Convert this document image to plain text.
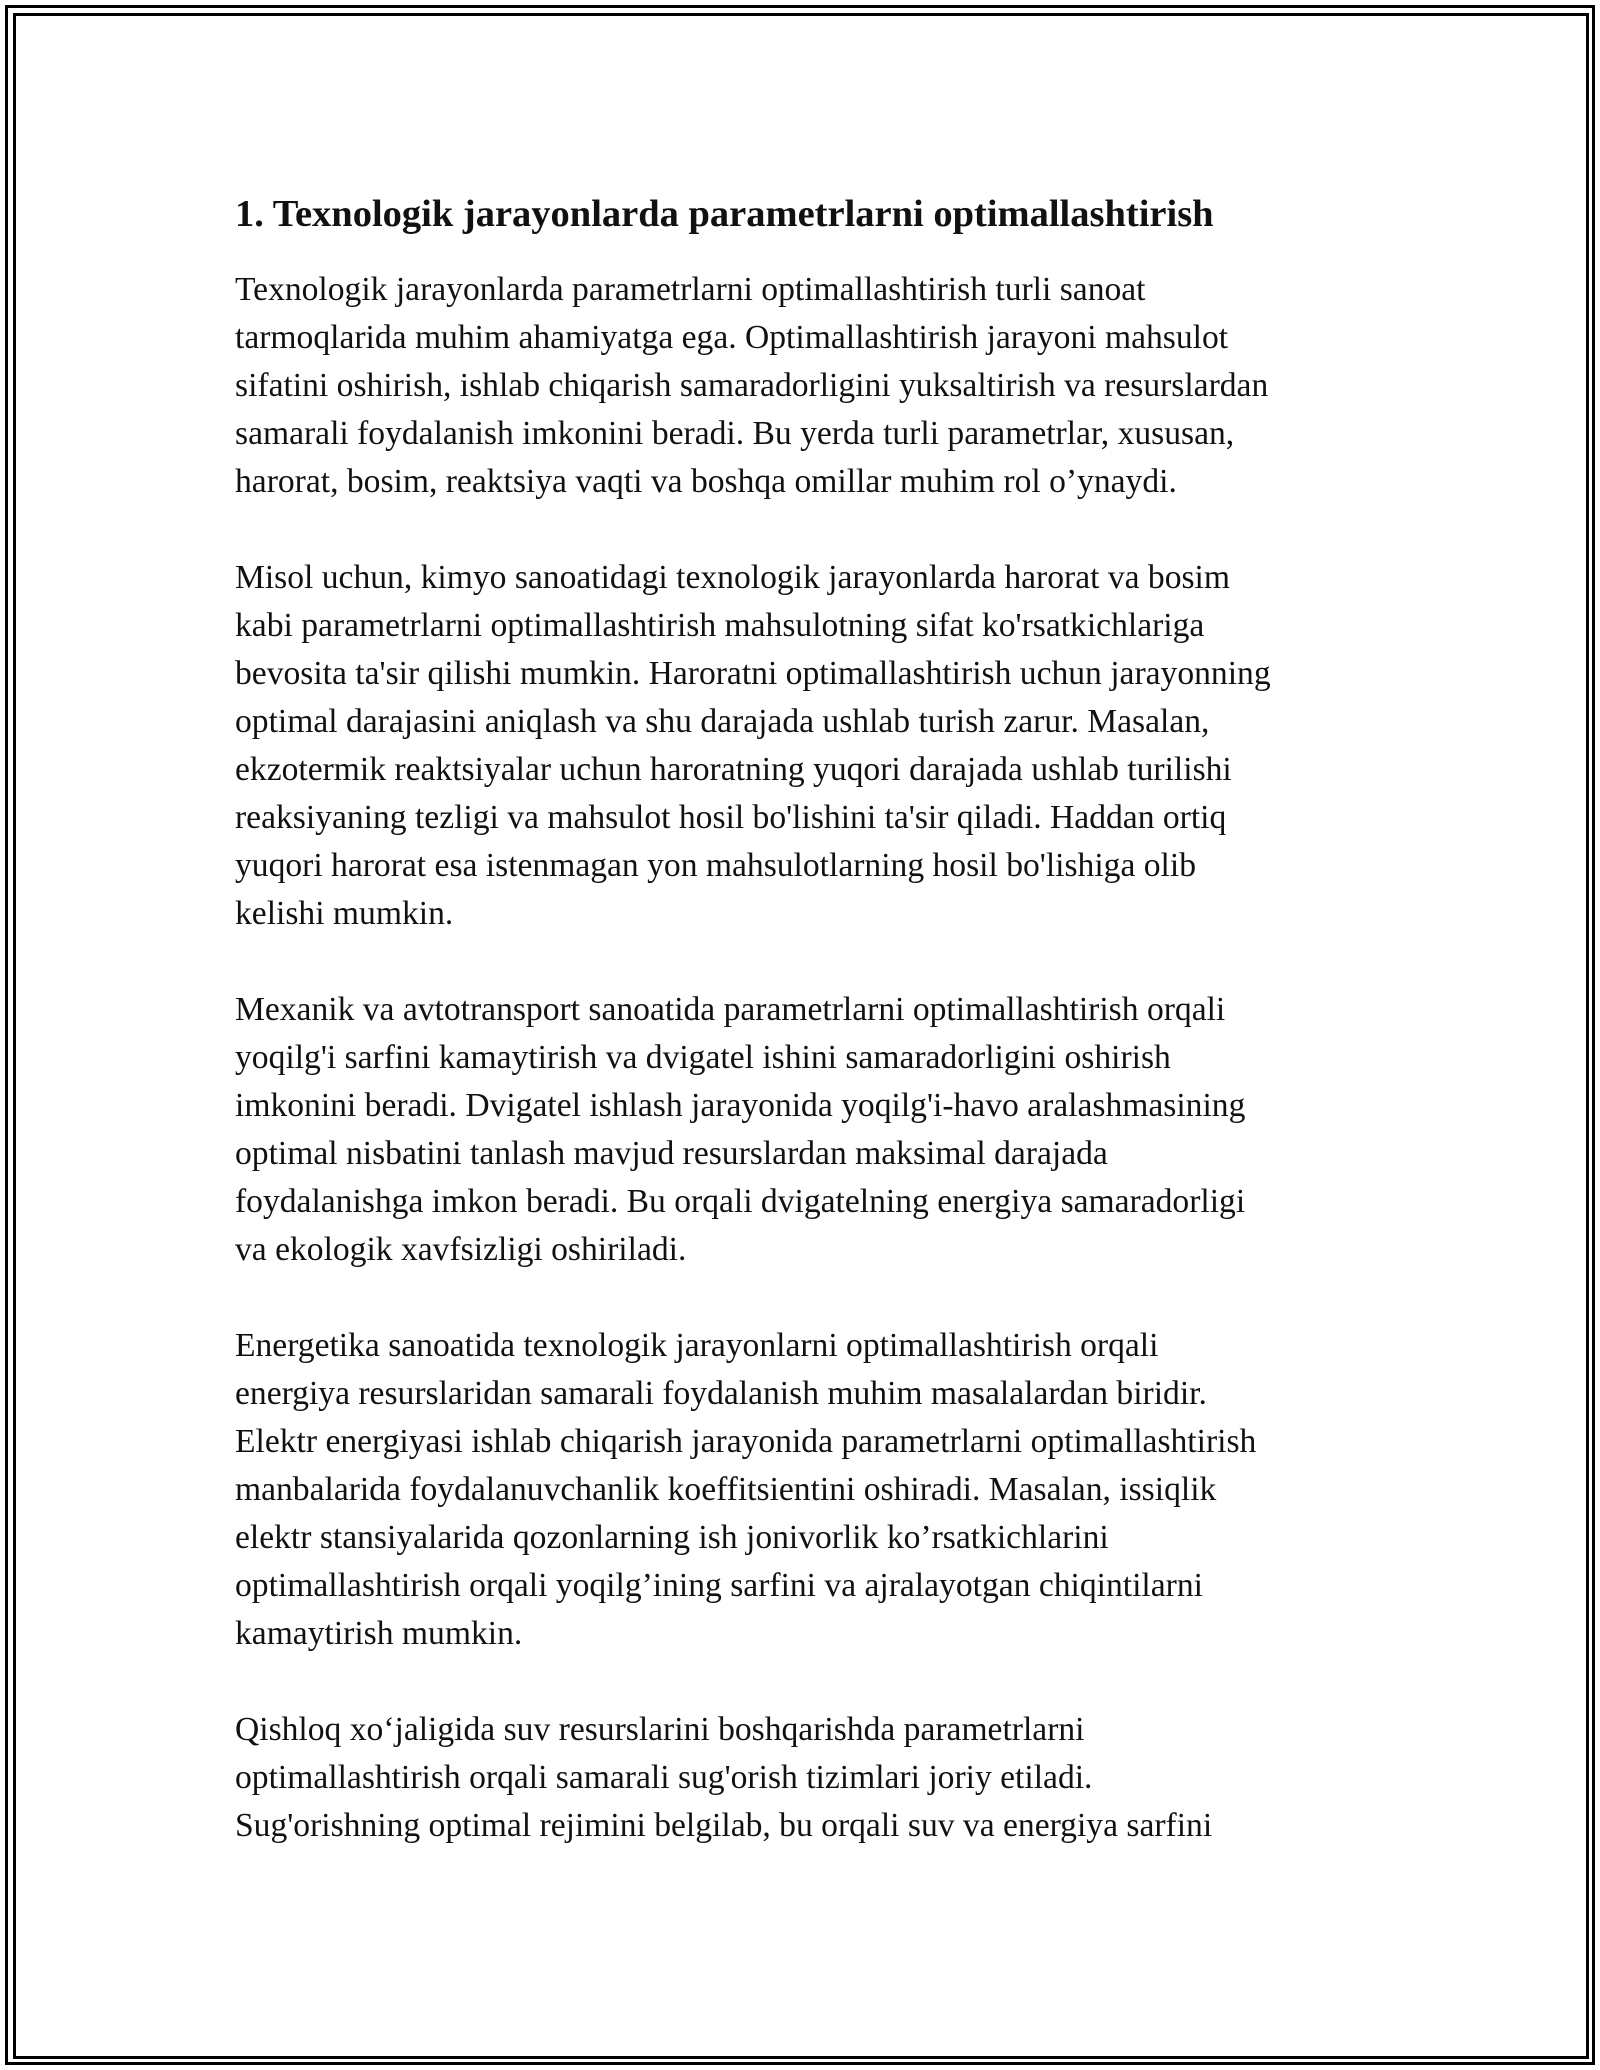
1. Texnologik jarayonlarda parametrlarni optimallashtirish

Texnologik jarayonlarda parametrlarni optimallashtirish turli sanoat
tarmoqlarida muhim ahamiyatga ega. Optimallashtirish jarayoni mahsulot
sifatini oshirish, ishlab chiqarish samaradorligini yuksaltirish va resurslardan
samarali foydalanish imkonini beradi. Bu yerda turli parametrlar, xususan,
harorat, bosim, reaktsiya vaqti va boshqa omillar muhim rol o’ynaydi.

Misol uchun, kimyo sanoatidagi texnologik jarayonlarda harorat va bosim
kabi parametrlarni optimallashtirish mahsulotning sifat ko'rsatkichlariga
bevosita ta'sir qilishi mumkin. Haroratni optimallashtirish uchun jarayonning
optimal darajasini aniqlash va shu darajada ushlab turish zarur. Masalan,
ekzotermik reaktsiyalar uchun haroratning yuqori darajada ushlab turilishi
reaksiyaning tezligi va mahsulot hosil bo'lishini ta'sir qiladi. Haddan ortiq
yuqori harorat esa istenmagan yon mahsulotlarning hosil bo'lishiga olib
kelishi mumkin.

Mexanik va avtotransport sanoatida parametrlarni optimallashtirish orqali
yoqilg'i sarfini kamaytirish va dvigatel ishini samaradorligini oshirish
imkonini beradi. Dvigatel ishlash jarayonida yoqilg'i-havo aralashmasining
optimal nisbatini tanlash mavjud resurslardan maksimal darajada
foydalanishga imkon beradi. Bu orqali dvigatelning energiya samaradorligi
va ekologik xavfsizligi oshiriladi.

Energetika sanoatida texnologik jarayonlarni optimallashtirish orqali
energiya resurslaridan samarali foydalanish muhim masalalardan biridir.
Elektr energiyasi ishlab chiqarish jarayonida parametrlarni optimallashtirish
manbalarida foydalanuvchanlik koeffitsientini oshiradi. Masalan, issiqlik
elektr stansiyalarida qozonlarning ish jonivorlik ko’rsatkichlarini
optimallashtirish orqali yoqilg’ining sarfini va ajralayotgan chiqintilarni
kamaytirish mumkin.

Qishloq xo‘jaligida suv resurslarini boshqarishda parametrlarni
optimallashtirish orqali samarali sug'orish tizimlari joriy etiladi.
Sug'orishning optimal rejimini belgilab, bu orqali suv va energiya sarfini
